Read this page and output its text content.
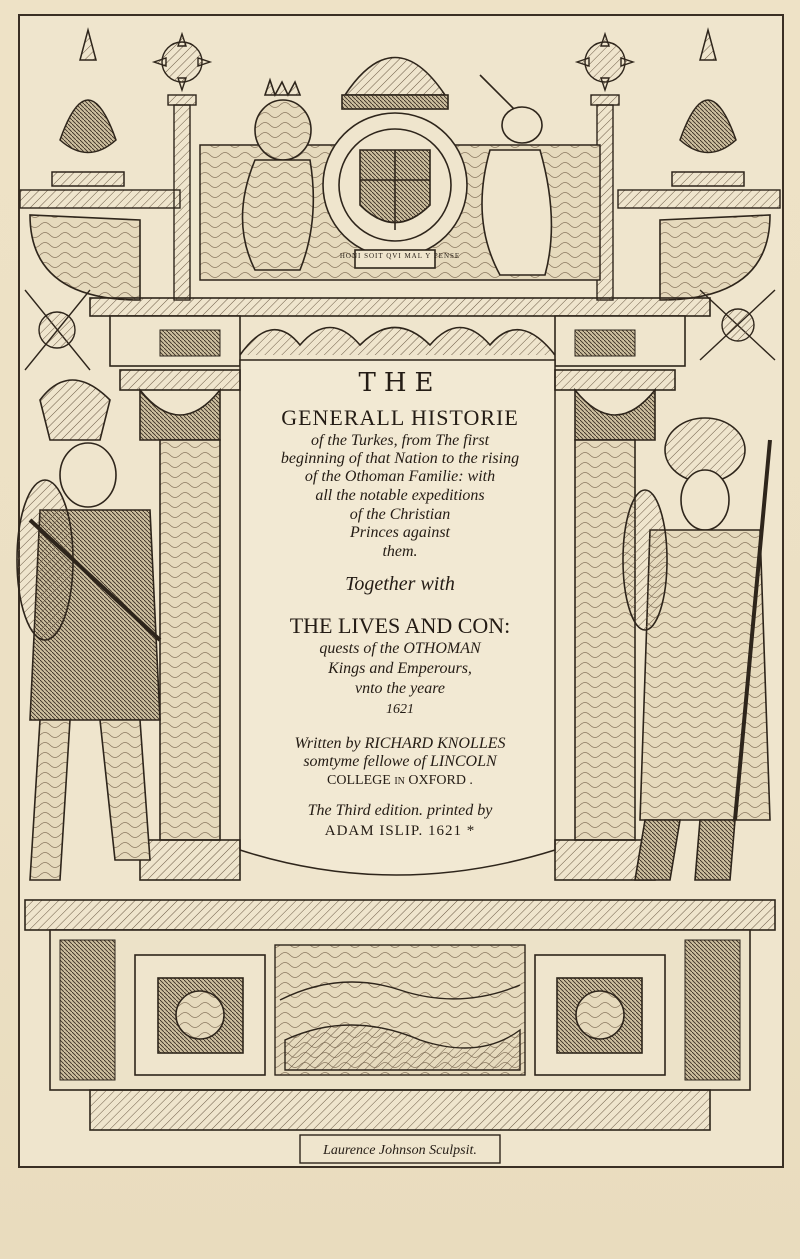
HONI SOIT QVI MAL Y PENSE
THE
GENERALL HISTORIE
of the Turkes, from The first
beginning of that Nation to the rising
of the Othoman Familie: with
all the notable expeditions
of the Christian
Princes against
them.
Together with
THE LIVES AND CON:
quests of the OTHOMAN
Kings and Emperours,
vnto the yeare
1621
Written by RICHARD KNOLLES
somtyme fellowe of LINCOLN
COLLEGE in OXFORD .
The Third edition. printed by
ADAM ISLIP. 1621 *
Laurence Johnson Sculpsit.
